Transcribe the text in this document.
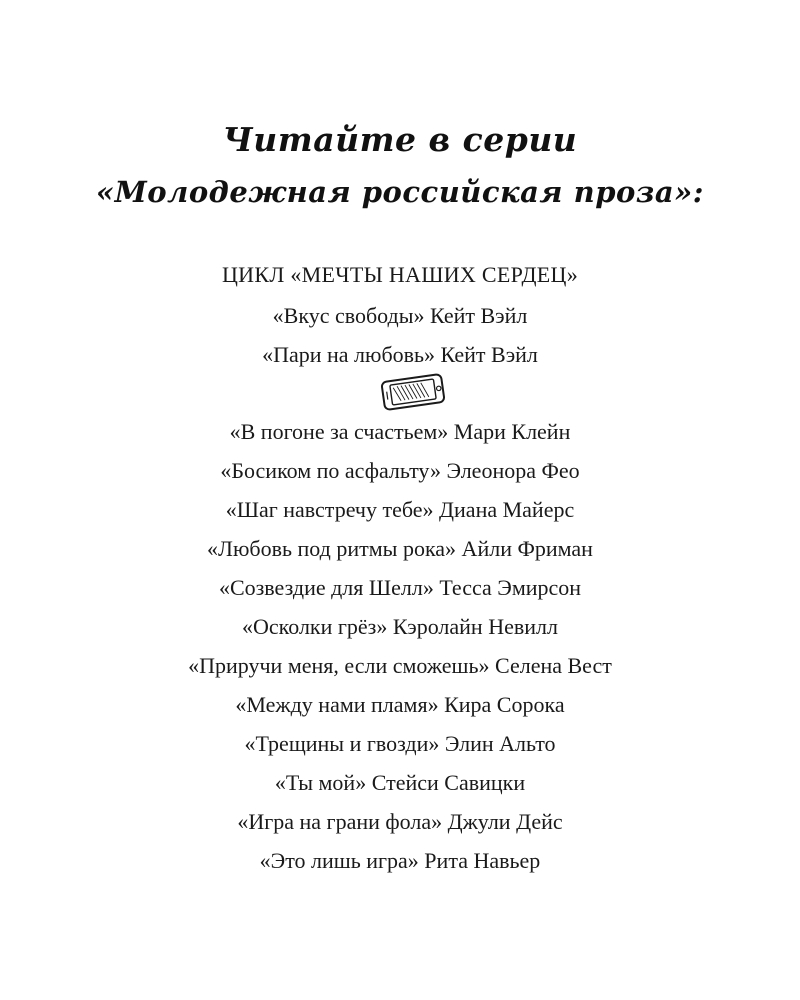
Читайте в серии
«Молодежная российская проза»:
ЦИКЛ «МЕЧТЫ НАШИХ СЕРДЕЦ»
«Вкус свободы» Кейт Вэйл
«Пари на любовь» Кейт Вэйл
«В погоне за счастьем» Мари Клейн
«Босиком по асфальту» Элеонора Фео
«Шаг навстречу тебе» Диана Майерс
«Любовь под ритмы рока» Айли Фриман
«Созвездие для Шелл» Тесса Эмирсон
«Осколки грёз» Кэролайн Невилл
«Приручи меня, если сможешь» Селена Вест
«Между нами пламя» Кира Сорока
«Трещины и гвозди» Элин Альто
«Ты мой» Стейси Савицки
«Игра на грани фола» Джули Дейс
«Это лишь игра» Рита Навьер
